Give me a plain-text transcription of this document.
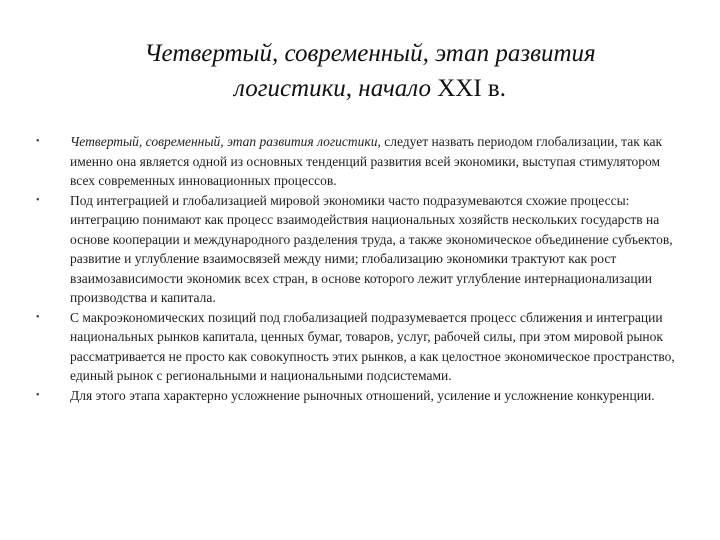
Четвертый, современный, этап развития
логистики, начало XXI в.
•	Четвертый, современный, этап развития логистики, следует назвать периодом глобализации, так как именно она является одной из основных тенденций развития всей экономики, выступая стимулятором всех современных инновационных процессов.
•	Под интеграцией и глобализацией мировой экономики часто подразумеваются схожие процессы: интеграцию понимают как процесс взаимодействия национальных хозяйств нескольких государств на основе кооперации и международного разделения труда, а также экономическое объединение субъектов, развитие и углубление взаимосвязей между ними; глобализацию экономики трактуют как рост взаимозависимости экономик всех стран, в основе которого лежит углубление интернационализации производства и капитала.
•	С макроэкономических позиций под глобализацией подразумевается процесс сближения и интеграции национальных рынков капитала, ценных бумаг, товаров, услуг, рабочей силы, при этом мировой рынок рассматривается не просто как совокупность этих рынков, а как целостное экономическое пространство, единый рынок с региональными и национальными подсистемами.
•	Для этого этапа характерно усложнение рыночных отношений, усиление и усложнение конкуренции.
